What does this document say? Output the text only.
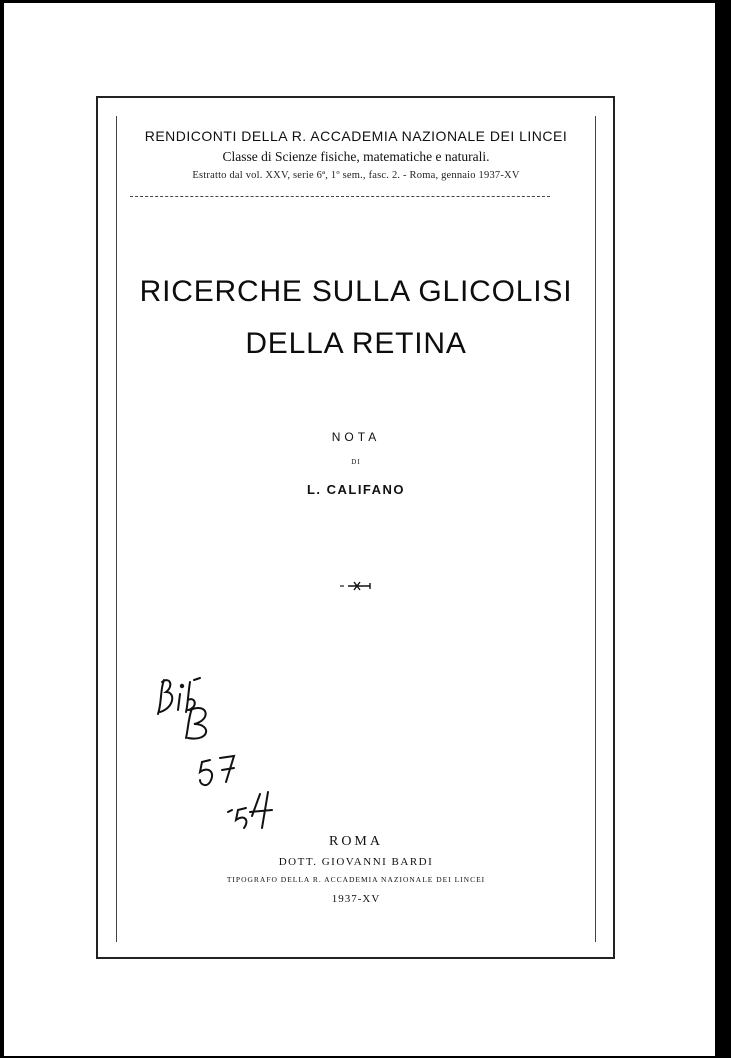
RENDICONTI DELLA R. ACCADEMIA NAZIONALE DEI LINCEI
Classe di Scienze fisiche, matematiche e naturali.
Estratto dal vol. XXV, serie 6ª, 1º sem., fasc. 2. - Roma, gennaio 1937-XV
RICERCHE SULLA GLICOLISI
DELLA RETINA
NOTA
DI
L. CALIFANO
ROMA
DOTT. GIOVANNI BARDI
TIPOGRAFO DELLA R. ACCADEMIA NAZIONALE DEI LINCEI
1937-XV
